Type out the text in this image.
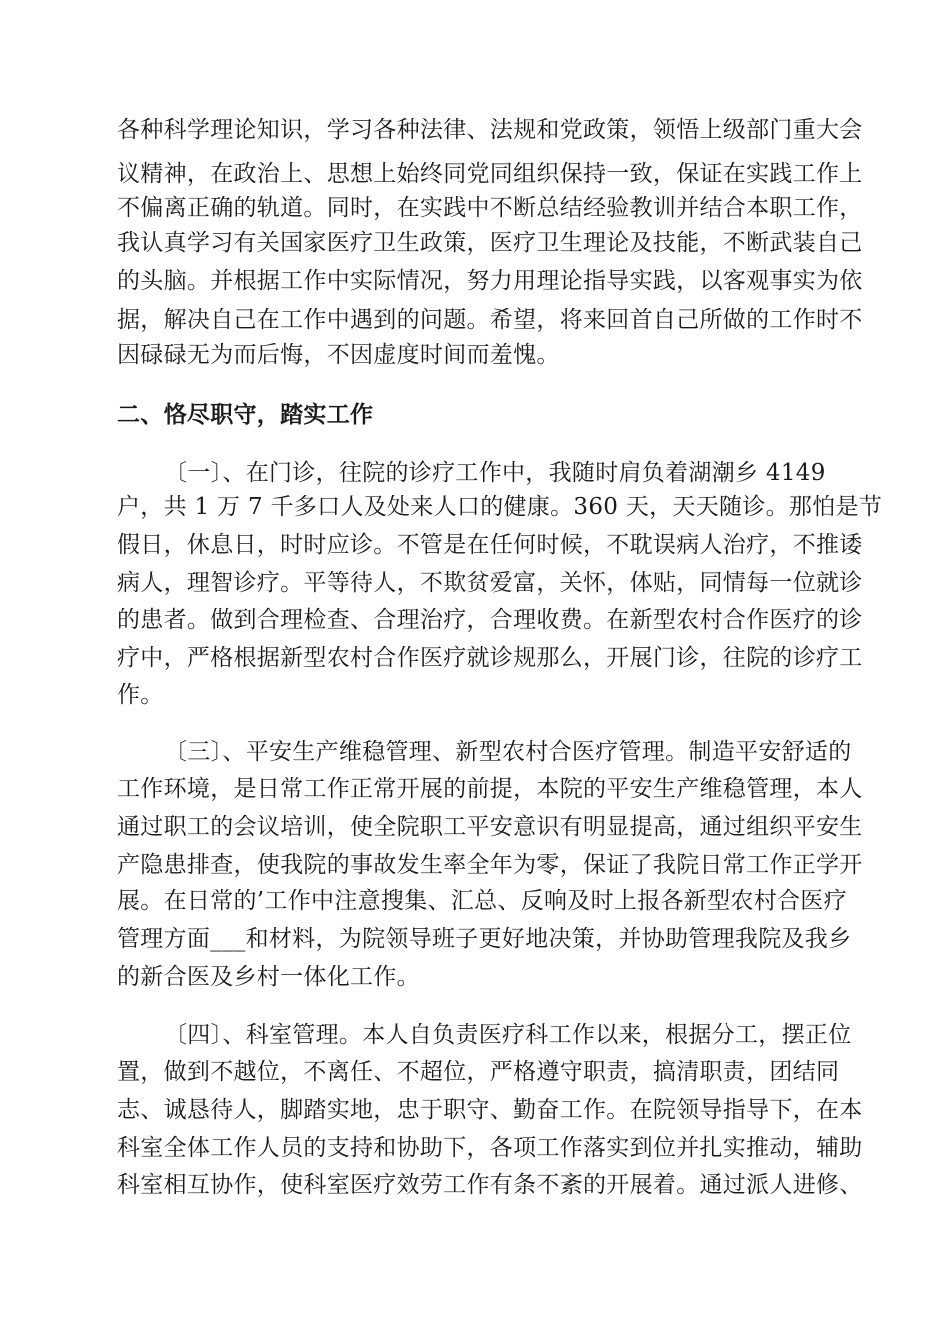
各种科学理论知识，学习各种法律、法规和党政策，领悟上级部门重大会
议精神，在政治上、思想上始终同党同组织保持一致，保证在实践工作上
不偏离正确的轨道。同时，在实践中不断总结经验教训并结合本职工作，
我认真学习有关国家医疗卫生政策，医疗卫生理论及技能，不断武装自己
的头脑。并根据工作中实际情况，努力用理论指导实践，以客观事实为依
据，解决自己在工作中遇到的问题。希望，将来回首自己所做的工作时不
因碌碌无为而后悔，不因虚度时间而羞愧。
二、恪尽职守，踏实工作
〔一〕、在门诊，往院的诊疗工作中，我随时肩负着湖潮乡 4149
户，共 1 万 7 千多口人及处来人口的健康。360 天，天天随诊。那怕是节
假日，休息日，时时应诊。不管是在任何时候，不耽误病人治疗，不推诿
病人，理智诊疗。平等待人，不欺贫爱富，关怀，体贴，同情每一位就诊
的患者。做到合理检查、合理治疗，合理收费。在新型农村合作医疗的诊
疗中，严格根据新型农村合作医疗就诊规那么，开展门诊，往院的诊疗工
作。
〔三〕、平安生产维稳管理、新型农村合医疗管理。制造平安舒适的
工作环境，是日常工作正常开展的前提，本院的平安生产维稳管理，本人
通过职工的会议培训，使全院职工平安意识有明显提高，通过组织平安生
产隐患排查，使我院的事故发生率全年为零，保证了我院日常工作正学开
展。在日常的’工作中注意搜集、汇总、反响及时上报各新型农村合医疗
管理方面___和材料，为院领导班子更好地决策，并协助管理我院及我乡
的新合医及乡村一体化工作。
〔四〕、科室管理。本人自负责医疗科工作以来，根据分工，摆正位
置，做到不越位，不离任、不超位，严格遵守职责，搞清职责，团结同
志、诚恳待人，脚踏实地，忠于职守、勤奋工作。在院领导指导下，在本
科室全体工作人员的支持和协助下，各项工作落实到位并扎实推动，辅助
科室相互协作，使科室医疗效劳工作有条不紊的开展着。通过派人进修、
